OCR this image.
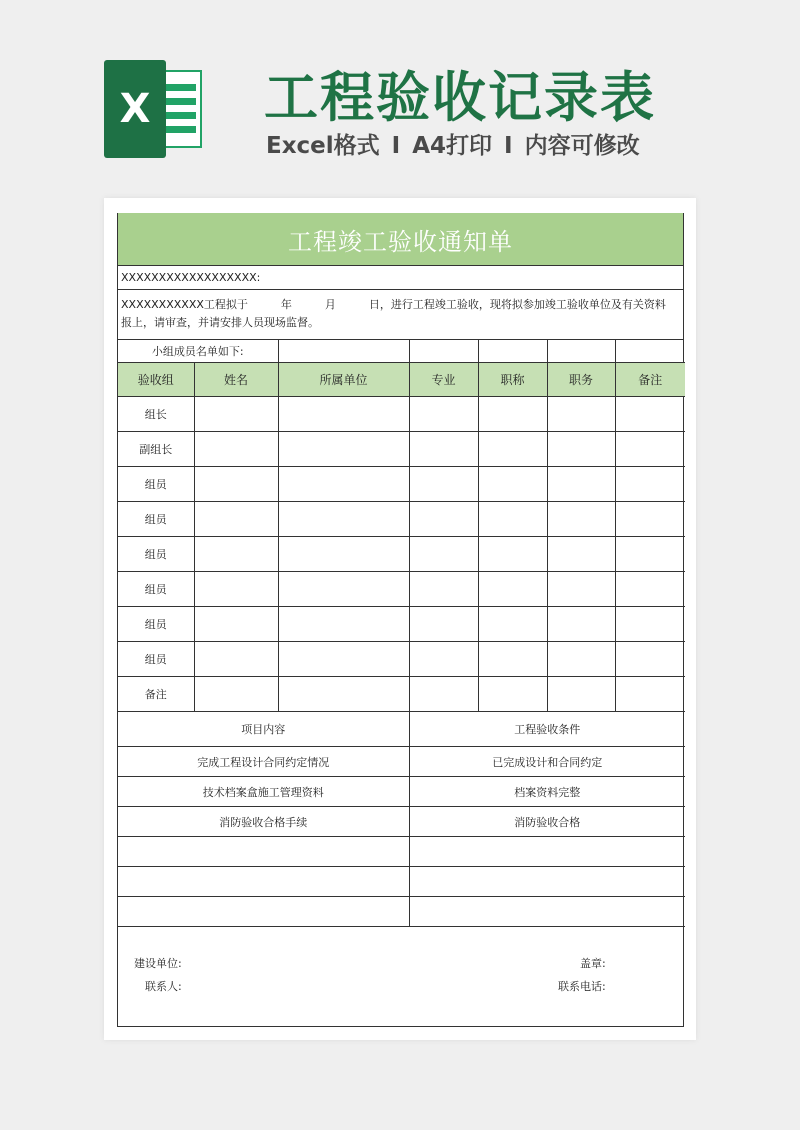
X 工程验收记录表
Excel格式 I A4打印 I 内容可修改
工程竣工验收通知单
XXXXXXXXXXXXXXXXXX:
XXXXXXXXXXX工程拟于　　　年　　　月　　　日，进行工程竣工验收，现将拟参加竣工验收单位及有关资料报上，请审查，并请安排人员现场监督。
小组成员名单如下:						
验收组	姓名	所属单位	专业	职称	职务	备注
组长						
副组长						
组员						
组员						
组员						
组员						
组员						
组员						
备注						
项目内容	工程验收条件
完成工程设计合同约定情况	已完成设计和合同约定
技术档案盒施工管理资料	档案资料完整
消防验收合格手续	消防验收合格

建设单位:	盖章:
联系人:	联系电话:
